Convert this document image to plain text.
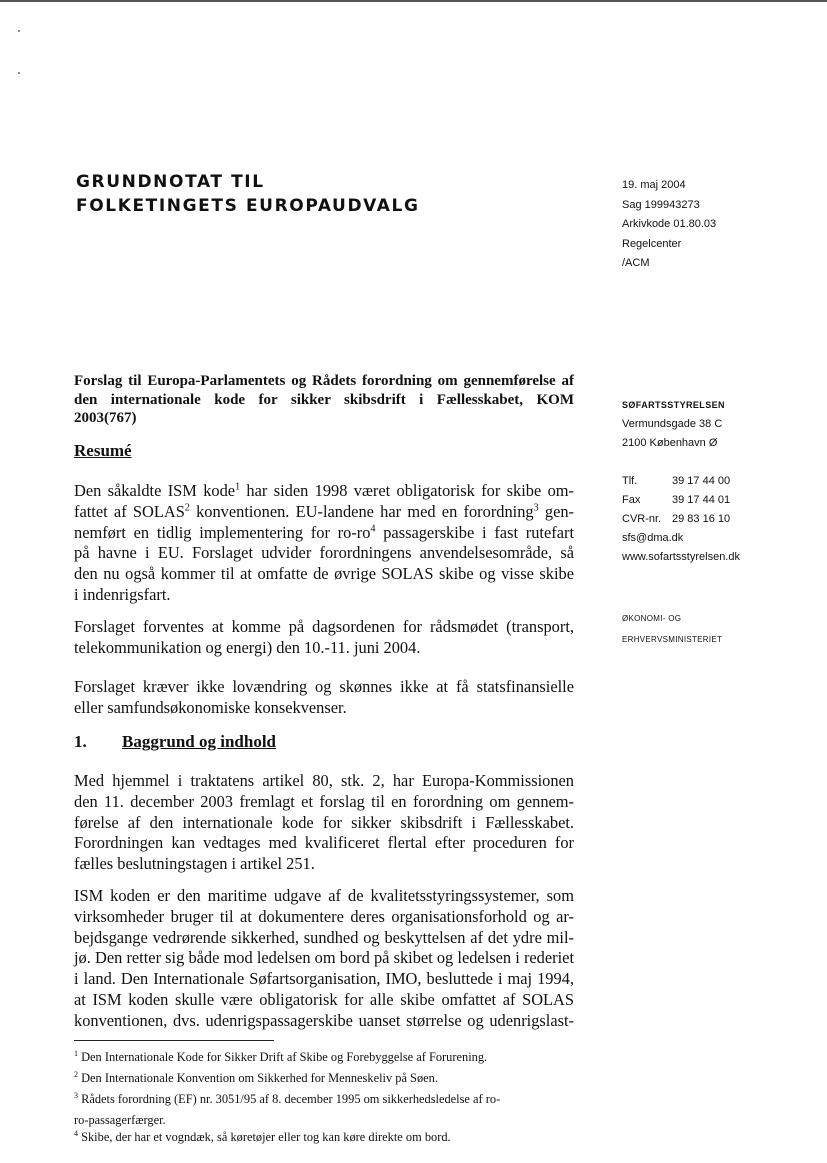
GRUNDNOTAT TIL
FOLKETINGETS EUROPAUDVALG
19. maj 2004
Sag 199943273
Arkivkode 01.80.03
Regelcenter
/ACM
SØFARTSSTYRELSEN
Vermundsgade 38 C
2100 København Ø
Tlf.	39 17 44 00
Fax	39 17 44 01
CVR-nr. 29 83 16 10
sfs@dma.dk
www.sofartsstyrelsen.dk
ØKONOMI- OG
ERHVERVSMINISTERIET
Forslag til Europa-Parlamentets og Rådets forordning om gennemførelse af
den internationale kode for sikker skibsdrift i Fællesskabet, KOM
2003(767)
Resumé
Den såkaldte ISM kode$^1$ har siden 1998 været obligatorisk for skibe om-
fattet af SOLAS$^2$ konventionen. EU-landene har med en forordning$^3$ gen-
nemført en tidlig implementering for $ro-ro^4$ passagerskibe i fast rutefart
på havne i EU. Forslaget udvider forordningens anvendelsesområde, så
den nu også kommer til at omfatte de øvrige SOLAS skibe og visse skibe
i indenrigsfart.
Forslaget forventes at komme på dagsordenen for rådsmødet (transport,
telekommunikation og energi) den 10.-11. juni 2004.
Forslaget kræver ikke lovændring og skønnes ikke at få statsfinansielle
eller samfundsøkonomiske konsekvenser.
1. Baggrund og indhold
Med hjemmel i traktatens artikel 80, stk. 2, har Europa-Kommissionen
den 11. december 2003 fremlagt et forslag til en forordning om gennem-
førelse af den internationale kode for sikker skibsdrift i Fællesskabet.
Forordningen kan vedtages med kvalificeret flertal efter proceduren for
fælles beslutningstagen i artikel 251.
ISM koden er den maritime udgave af de kvalitetsstyringssystemer, som
virksomheder bruger til at dokumentere deres organisationsforhold og ar-
bejdsgange vedrørende sikkerhed, sundhed og beskyttelsen af det ydre mil-
jø. Den retter sig både mod ledelsen om bord på skibet og ledelsen i rederiet
i land. Den Internationale Søfartsorganisation, IMO, besluttede i maj 1994,
at ISM koden skulle være obligatorisk for alle skibe omfattet af SOLAS
konventionen, dvs. udenrigspassagerskibe uanset størrelse og udenrigslast-
$^1$ Den Internationale Kode for Sikker Drift af Skibe og Forebyggelse af Forurening.
$^2$ Den Internationale Konvention om Sikkerhed for Menneskeliv på Søen.
$^3$ Rådets forordning (EF) nr. 3051/95 af 8. december 1995 om sikkerhedsledelse af ro-
ro-passagerfærger.
$^4$ Skibe, der har et vogndæk, så køretøjer eller tog kan køre direkte om bord.
